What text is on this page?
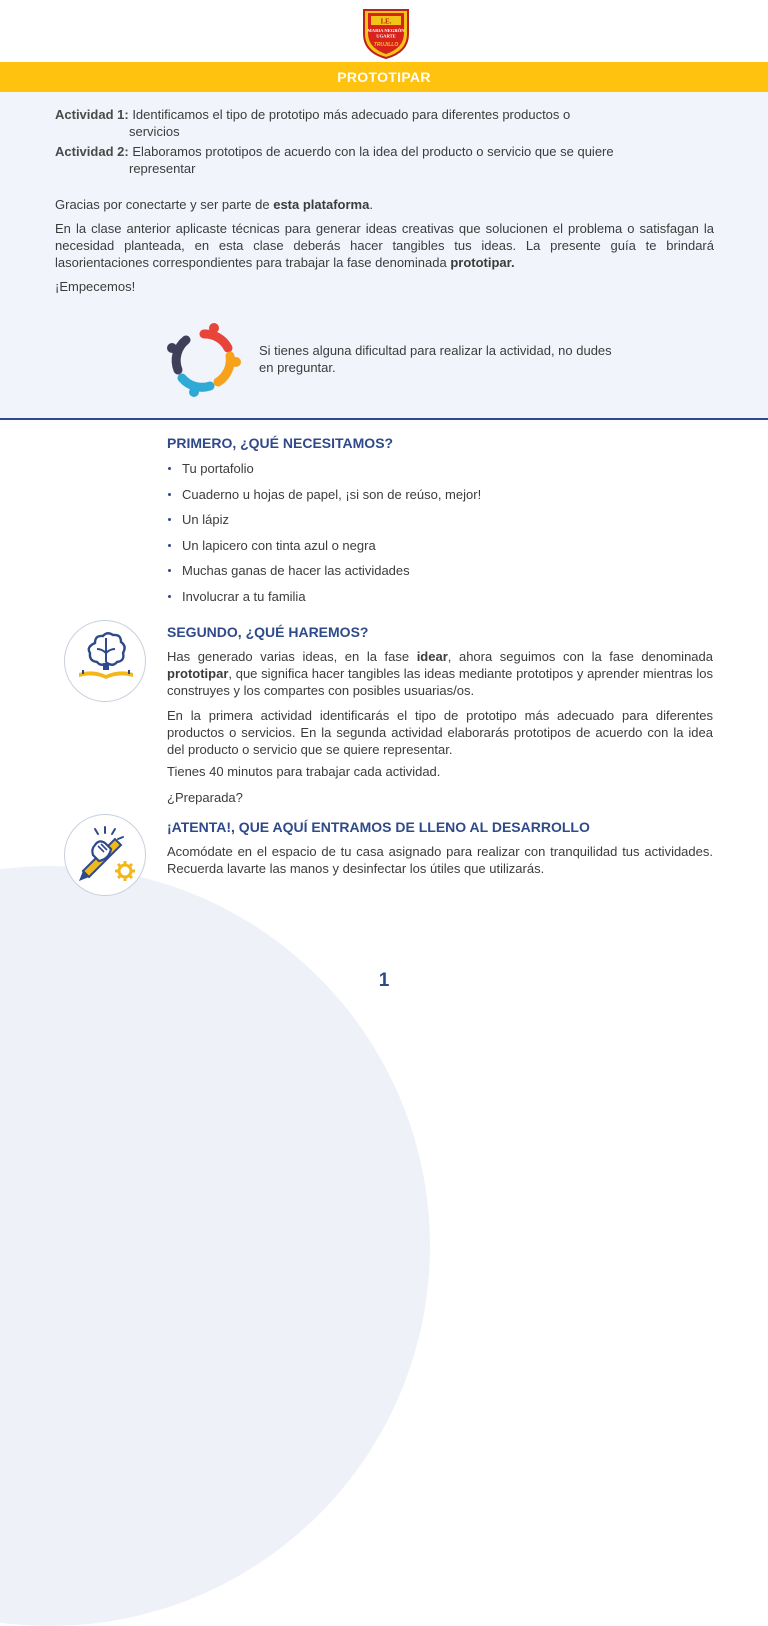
I.E.
MARIA NEGRÓN
UGARTE
TRUJILLO
PROTOTIPAR
Actividad 1: Identificamos el tipo de prototipo más adecuado para diferentes productos o
servicios
Actividad 2: Elaboramos prototipos de acuerdo con la idea del producto o servicio que se quiere
representar
Gracias por conectarte y ser parte de esta plataforma.
En la clase anterior aplicaste técnicas para generar ideas creativas que solucionen el problema o satisfagan la necesidad planteada, en esta clase deberás hacer tangibles tus ideas. La presente guía te brindará lasorientaciones correspondientes para trabajar la fase denominada prototipar.
¡Empecemos!
Si tienes alguna dificultad para realizar la actividad, no dudes en preguntar.
PRIMERO, ¿QUÉ NECESITAMOS?
Tu portafolio
Cuaderno u hojas de papel, ¡si son de reúso, mejor!
Un lápiz
Un lapicero con tinta azul o negra
Muchas ganas de hacer las actividades
Involucrar a tu familia
SEGUNDO, ¿QUÉ HAREMOS?
Has generado varias ideas, en la fase idear, ahora seguimos con la fase denominada prototipar, que significa hacer tangibles las ideas mediante prototipos y aprender mientras los construyes y los compartes con posibles usuarias/os.
En la primera actividad identificarás el tipo de prototipo más adecuado para diferentes productos o servicios. En la segunda actividad elaborarás prototipos de acuerdo con la idea del producto o servicio que se quiere representar.
Tienes 40 minutos para trabajar cada actividad.
¿Preparada?
¡ATENTA!, QUE AQUÍ ENTRAMOS DE LLENO AL DESARROLLO
Acomódate en el espacio de tu casa asignado para realizar con tranquilidad tus actividades. Recuerda lavarte las manos y desinfectar los útiles que utilizarás.
1
